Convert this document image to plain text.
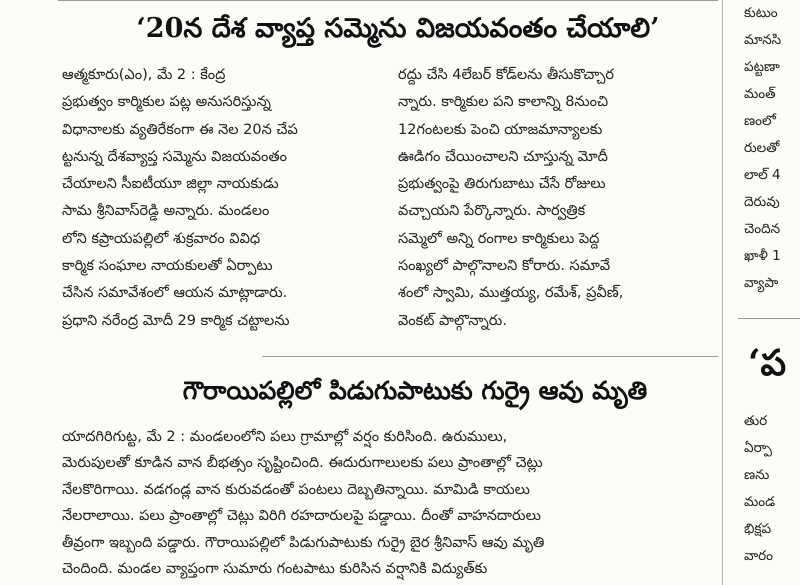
‘20న దేశ వ్యాప్త సమ్మెను విజయవంతం చేయాలి’
ఆత్మకూరు(ఎం), మే 2 : కేంద్ర
ప్రభుత్వం కార్మికుల పట్ల అనుసరిస్తున్న
విధానాలకు వ్యతిరేకంగా ఈ నెల 20న చేప
ట్టనున్న దేశవ్యాప్త సమ్మెను విజయవంతం
చేయాలని సీఐటీయూ జిల్లా నాయకుడు
సామ శ్రీనివాస్‌రెడ్డి అన్నారు. మండలం
లోని కప్రాయపల్లిలో శుక్రవారం వివిధ
కార్మిక సంఘాల నాయకులతో ఏర్పాటు
చేసిన సమావేశంలో ఆయన మాట్లాడారు.
ప్రధాని నరేంద్ర మోదీ 29 కార్మిక చట్టాలను
రద్దు చేసి 4లేబర్ కోడ్‌లను తీసుకొచ్చార
న్నారు. కార్మికుల పని కాలాన్ని 8నుంచి
12గంటలకు పెంచి యాజమాన్యాలకు
ఊడిగం చేయించాలని చూస్తున్న మోదీ
ప్రభుత్వంపై తిరుగుబాటు చేసే రోజులు
వచ్చాయని పేర్కొన్నారు. సార్వత్రిక
సమ్మెలో అన్ని రంగాల కార్మికులు పెద్ద
సంఖ్యలో పాల్గొనాలని కోరారు. సమావే
శంలో స్వామి, ముత్తయ్య, రమేశ్, ప్రవీణ్,
వెంకట్ పాల్గొన్నారు.
గౌరాయిపల్లిలో పిడుగుపాటుకు గుర్రై ఆవు మృతి
యాదగిరిగుట్ట, మే 2 : మండలంలోని పలు గ్రామాల్లో వర్షం కురిసింది. ఉరుములు,
మెరుపులతో కూడిన వాన బీభత్సం సృష్టించింది. ఈదురుగాలులకు పలు ప్రాంతాల్లో చెట్లు
నేలకొరిగాయి. వడగండ్ల వాన కురువడంతో పంటలు దెబ్బతిన్నాయి. మామిడి కాయలు
నేలరాలాయి. పలు ప్రాంతాల్లో చెట్లు విరిగి రహదారులపై పడ్డాయి. దీంతో వాహనదారులు
తీవ్రంగా ఇబ్బంది పడ్డారు. గౌరాయిపల్లిలో పిడుగుపాటుకు గుర్రై బైర శ్రీనివాస్ ఆవు మృతి
చెందింది. మండల వ్యాప్తంగా సుమారు గంటపాటు కురిసిన వర్షానికి విద్యుత్‌కు
కుటుం
మానసి
పట్టణా
మంత్
ణంలో
రులతో
లాల్ 4
దెరువు
చెందిన
ఖాళీ 1
వ్యాపా
‘ప
తుర
ఏర్పా
ణను
మండ
భిక్షప
వారం
